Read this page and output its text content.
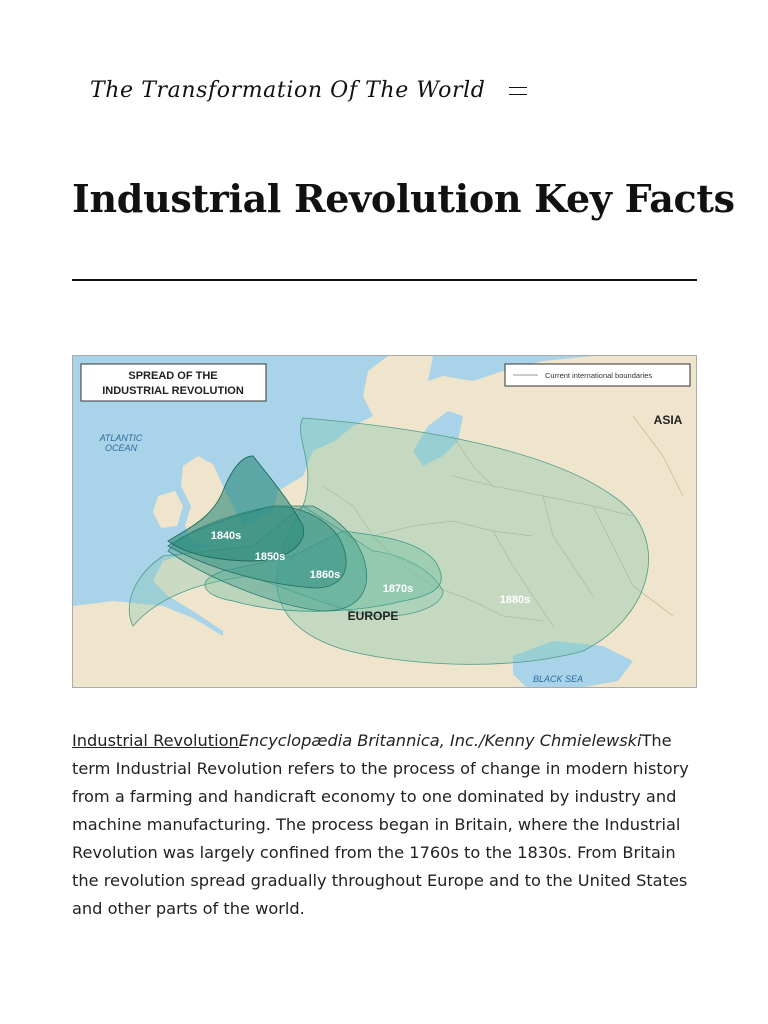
The Transformation Of The World
Industrial Revolution Key Facts
SPREAD OF THE
INDUSTRIAL REVOLUTION
Current international boundaries
ATLANTIC
OCEAN
ASIA
EUROPE
BLACK SEA
1840s
1850s
1860s
1870s
1880s

Industrial RevolutionEncyclopædia Britannica, Inc./Kenny ChmielewskiThe term Industrial Revolution refers to the process of change in modern history from a farming and handicraft economy to one dominated by industry and machine manufacturing. The process began in Britain, where the Industrial Revolution was largely confined from the 1760s to the 1830s. From Britain the revolution spread gradually throughout Europe and to the United States and other parts of the world.
